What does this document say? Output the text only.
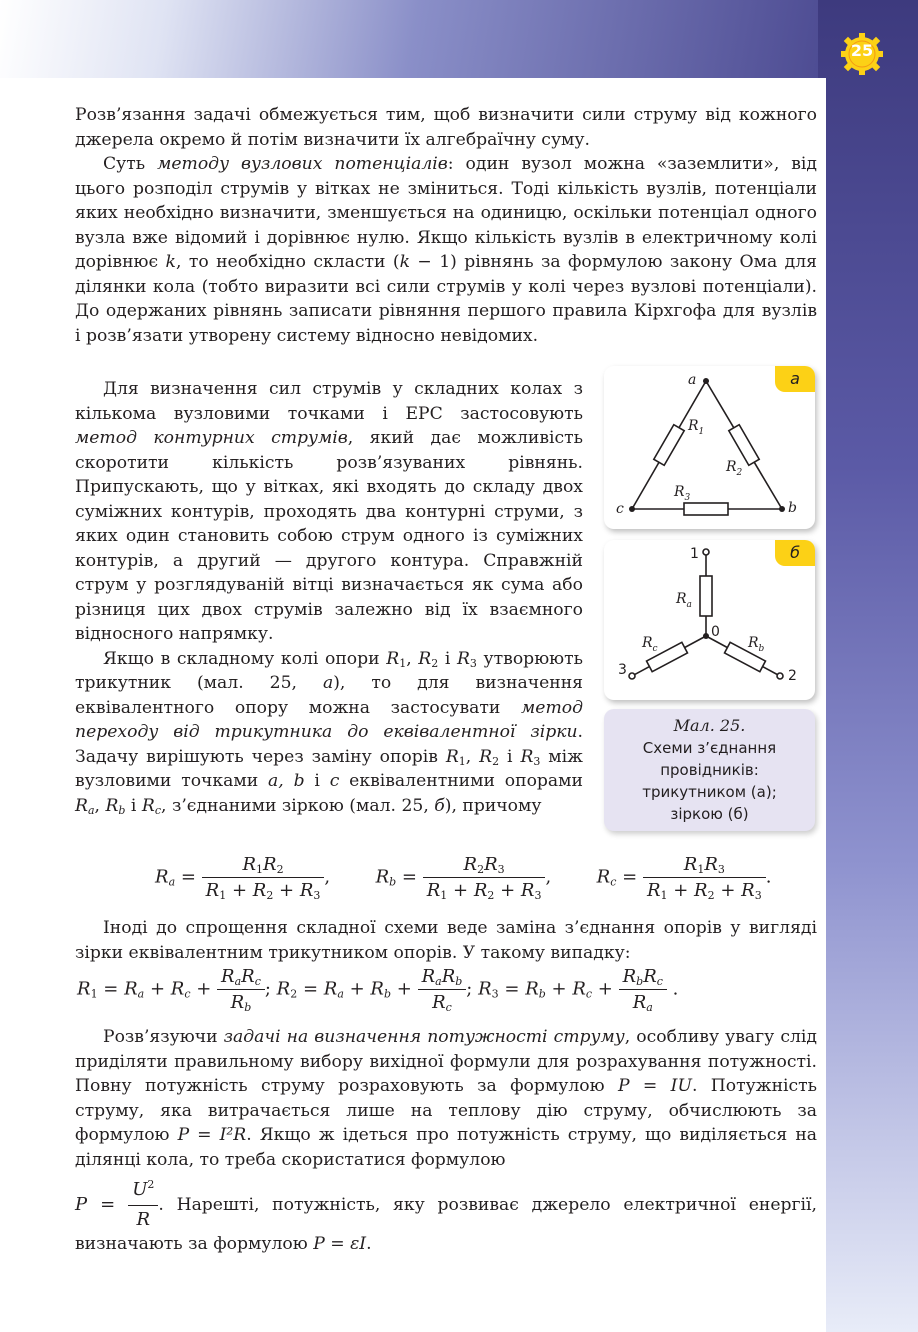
25

Розв’язання задачі обмежується тим, щоб визначити сили струму від кожного джерела окремо й потім визначити їх алгебраїчну суму.

Суть методу вузлових потенціалів: один вузол можна «заземлити», від цього розподіл струмів у вітках не зміниться. Тоді кількість вузлів, потенціали яких необхідно визначити, зменшується на одиницю, оскільки потенціал одного вузла вже відомий і дорівнює нулю. Якщо кількість вузлів в електричному колі дорівнює k, то необхідно скласти (k − 1) рівнянь за формулою закону Ома для ділянки кола (тобто виразити всі сили струмів у колі через вузлові потенціали). До одержаних рівнянь записати рівняння першого правила Кірхгофа для вузлів і розв’язати утворену систему відносно невідомих.

Для визначення сил струмів у складних колах з кількома вузловими точками і ЕРС застосовують метод контурних струмів, який дає можливість скоротити кількість розв’язуваних рівнянь. Припускають, що у вітках, які входять до складу двох суміжних контурів, проходять два контурні струми, з яких один становить собою струм одного із суміжних контурів, а другий — другого контура. Справжній струм у розглядуваній вітці визначається як сума або різниця цих двох струмів залежно від їх взаємного відносного напрямку.

Якщо в складному колі опори $R_1$, $R_2$ і $R_3$ утворюють трикутник (мал. 25, а), то для визначення еквівалентного опору можна застосувати метод переходу від трикутника до еквівалентної зірки. Задачу вирішують через заміну опорів $R_1$, $R_2$ і $R_3$ між вузловими точками a, b і c еквівалентними опорами $R_a$, $R_b$ і $R_c$, з’єднаними зіркою (мал. 25, б), причому

а
a
c	b
$R_1$
$R_2$
$R_3$
б
1
0
3	2
$R_a$
$R_c$	$R_b$
Мал. 25.
Схеми з’єднання провідників: трикутником (а); зіркою (б)
$R_a = \frac{R_1R_2}{R_1 + R_2 + R_3}$ ,  $R_b = \frac{R_2R_3}{R_1 + R_2 + R_3}$ ,  $R_c = \frac{R_1R_3}{R_1 + R_2 + R_3}$ .

Іноді до спрощення складної схеми веде заміна з’єднання опорів у вигляді зірки еквівалентним трикутником опорів. У такому випадку:

$R_1 = R_a + R_c + \frac{R_aR_c}{R_b}$ ; $R_2 = R_a + R_b + \frac{R_aR_b}{R_c}$ ; $R_3 = R_b + R_c + \frac{R_bR_c}{R_a}$ .

Розв’язуючи задачі на визначення потужності струму, особливу увагу слід приділяти правильному вибору вихідної формули для розрахування потужності. Повну потужність струму розраховують за формулою P = IU. Потужність струму, яка витрачається лише на теплову дію струму, обчислюють за формулою P = I²R. Якщо ж ідеться про потужність струму, що виділяється на ділянці кола, то треба скористатися формулою

$P = \frac{U^2}{R}$ . Нарешті, потужність, яку розвиває джерело електричної енергії, визначають за формулою P = εI.
